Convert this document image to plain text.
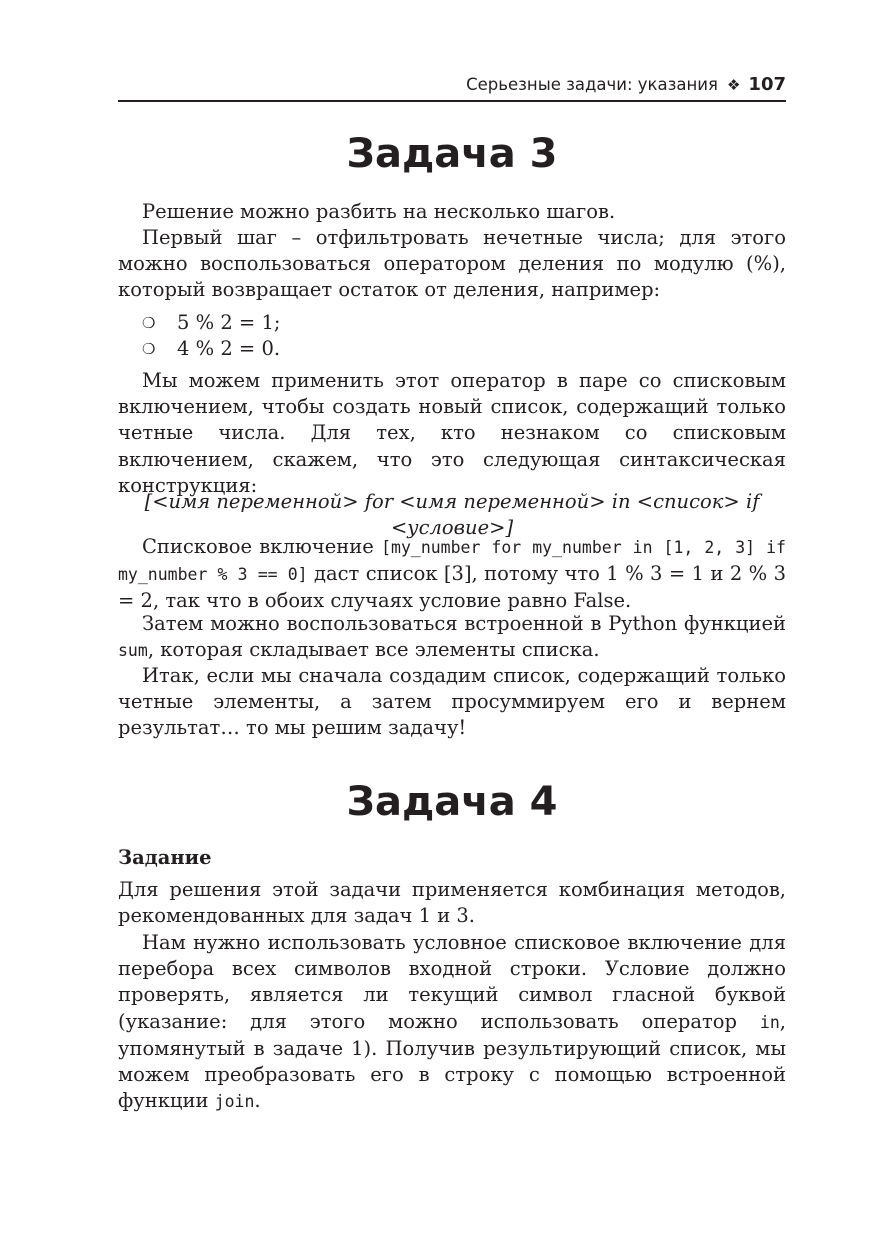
Серьезные задачи: указания ❖ 107
Задача 3

Решение можно разбить на несколько шагов.

Первый шаг – отфильтровать нечетные числа; для этого можно воспользоваться оператором деления по модулю (%), который возвращает остаток от деления, например:

❍ 5 % 2 = 1;
❍ 4 % 2 = 0.

Мы можем применить этот оператор в паре со списковым включением, чтобы создать новый список, содержащий только четные числа. Для тех, кто незнаком со списковым включением, скажем, что это следующая синтаксическая конструкция:

[<имя переменной> for <имя переменной> in <список> if <условие>]

Списковое включение [my_number for my_number in [1, 2, 3] if my_number % 3 == 0] даст список [3], потому что 1 % 3 = 1 и 2 % 3 = 2, так что в обоих случаях условие равно False.

Затем можно воспользоваться встроенной в Python функцией sum, которая складывает все элементы списка.

Итак, если мы сначала создадим список, содержащий только четные элементы, а затем просуммируем его и вернем результат… то мы решим задачу!

Задача 4
Задание

Для решения этой задачи применяется комбинация методов, рекомендованных для задач 1 и 3.

Нам нужно использовать условное списковое включение для перебора всех символов входной строки. Условие должно проверять, является ли текущий символ гласной буквой (указание: для этого можно использовать оператор in, упомянутый в задаче 1). Получив результирующий список, мы можем преобразовать его в строку с помощью встроенной функции join.
